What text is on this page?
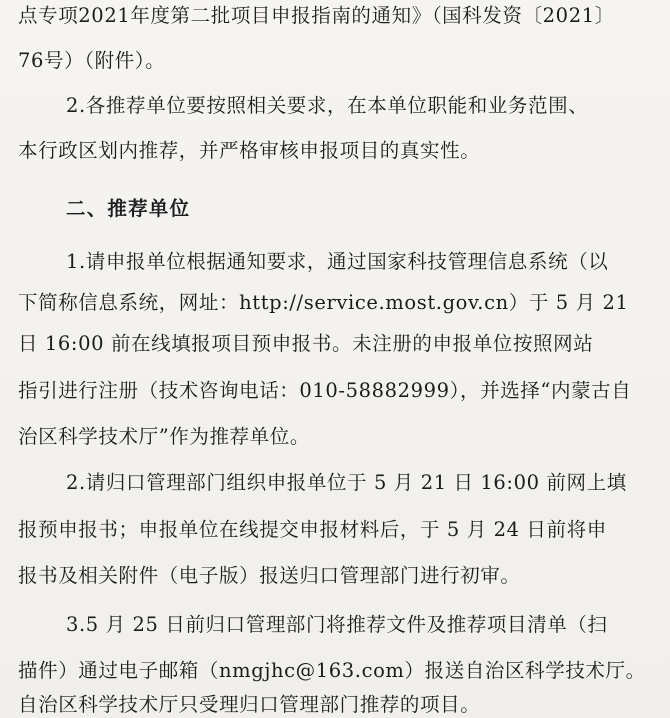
点专项2021年度第二批项目申报指南的通知》（国科发资〔2021〕
76号）（附件）。
2.各推荐单位要按照相关要求，在本单位职能和业务范围、
本行政区划内推荐，并严格审核申报项目的真实性。
二、推荐单位
1.请申报单位根据通知要求，通过国家科技管理信息系统（以
下简称信息系统，网址：http://service.most.gov.cn）于 5 月 21
日 16:00 前在线填报项目预申报书。未注册的申报单位按照网站
指引进行注册（技术咨询电话：010-58882999），并选择“内蒙古自
治区科学技术厅”作为推荐单位。
2.请归口管理部门组织申报单位于 5 月 21 日 16:00 前网上填
报预申报书；申报单位在线提交申报材料后，于 5 月 24 日前将申
报书及相关附件（电子版）报送归口管理部门进行初审。
3.5 月 25 日前归口管理部门将推荐文件及推荐项目清单（扫
描件）通过电子邮箱（nmgjhc@163.com）报送自治区科学技术厅。
自治区科学技术厅只受理归口管理部门推荐的项目。
